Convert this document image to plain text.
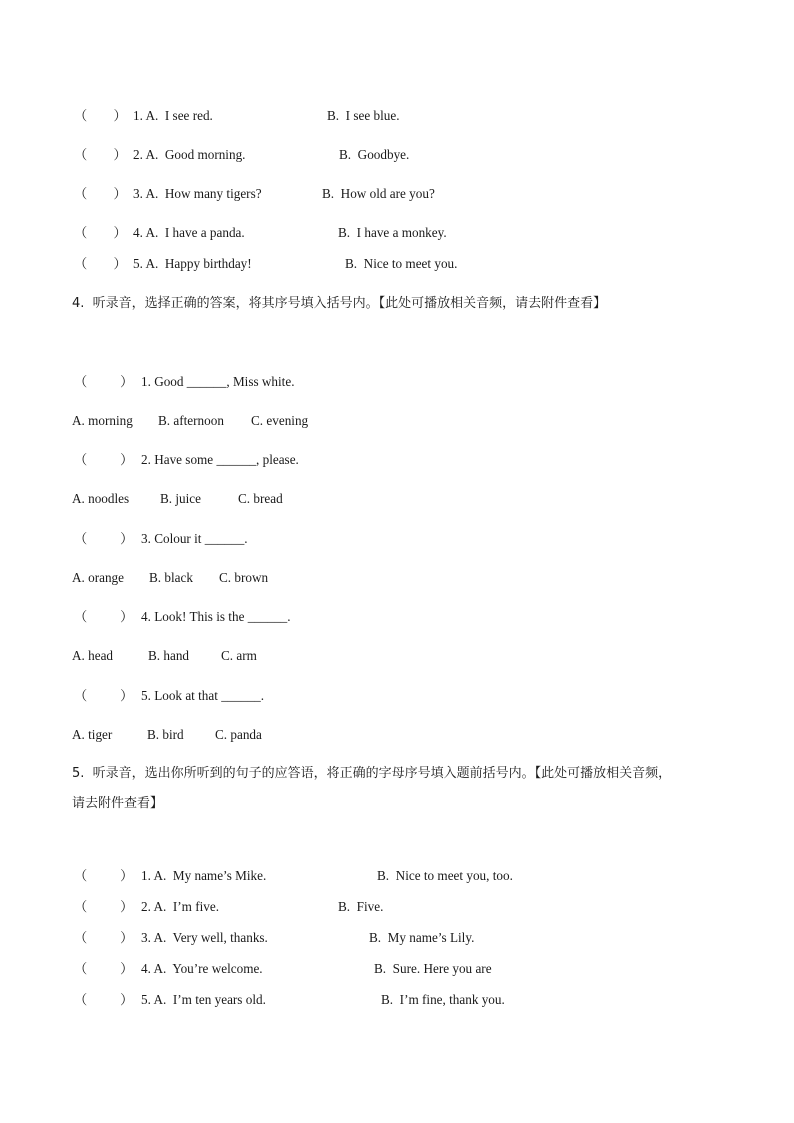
（        ） 1. A.  I see red.	B.  I see blue.
（        ） 2. A.  Good morning.	B.  Goodbye.
（        ） 3. A.  How many tigers?	B.  How old are you?
（        ） 4. A.  I have a panda.	B.  I have a monkey.
（        ） 5. A.  Happy birthday!	B.  Nice to meet you.
4.  听录音，选择正确的答案，将其序号填入括号内。【此处可播放相关音频，请去附件查看】
（          ） 1. Good ______, Miss white.
A. morning B. afternoon C. evening
（          ） 2. Have some ______, please.
A. noodles B. juice	C. bread
（          ） 3. Colour it ______.
A. orange B. black C. brown
（          ） 4. Look! This is the ______.
A. head	B. hand C. arm
（          ） 5. Look at that ______.
A. tiger	B. bird C. panda
5.  听录音，选出你所听到的句子的应答语，将正确的字母序号填入题前括号内。【此处可播放相关音频，
请去附件查看】
（          ） 1. A.  My name’s Mike.	B.  Nice to meet you, too.
（          ） 2. A.  I’m five.	B.  Five.
（          ） 3. A.  Very well, thanks.	B.  My name’s Lily.
（          ） 4. A.  You’re welcome.	B.  Sure. Here you are
（          ） 5. A.  I’m ten years old.	B.  I’m fine, thank you.
